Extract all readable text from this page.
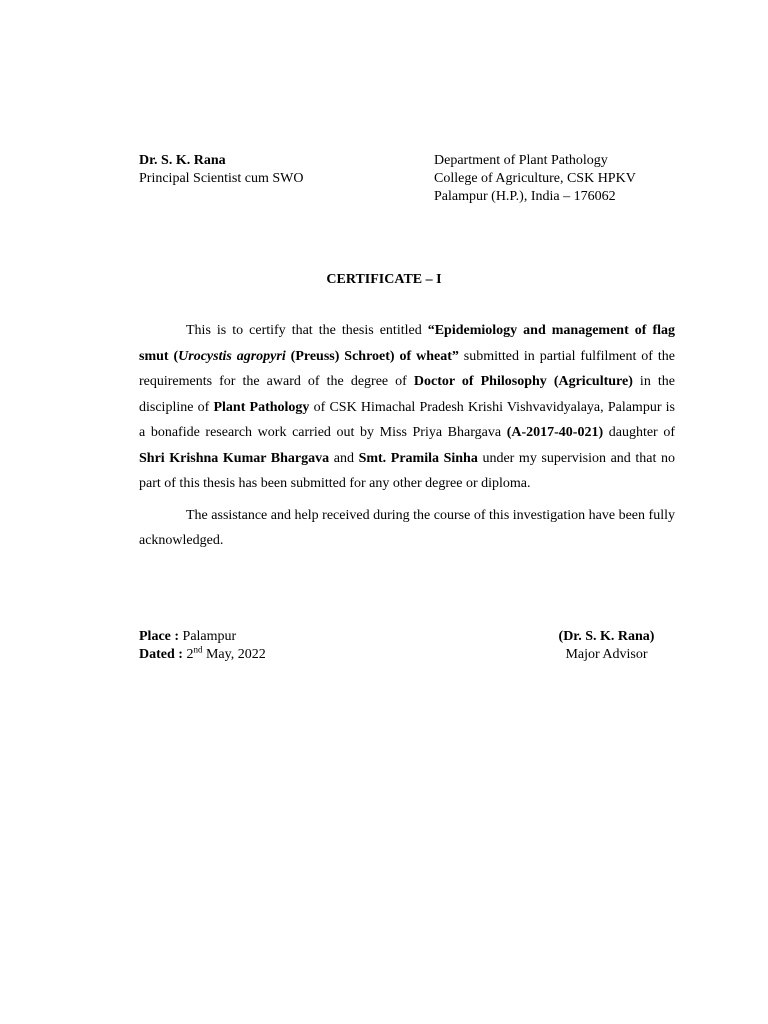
Dr. S. K. Rana
Principal Scientist cum SWO
Department of Plant Pathology
College of Agriculture, CSK HPKV
Palampur (H.P.), India – 176062
CERTIFICATE – I

This is to certify that the thesis entitled “Epidemiology and management of flag smut (Urocystis agropyri (Preuss) Schroet) of wheat” submitted in partial fulfilment of the requirements for the award of the degree of Doctor of Philosophy (Agriculture) in the discipline of Plant Pathology of CSK Himachal Pradesh Krishi Vishvavidyalaya, Palampur is a bonafide research work carried out by Miss Priya Bhargava (A-2017-40-021) daughter of Shri Krishna Kumar Bhargava and Smt. Pramila Sinha under my supervision and that no part of this thesis has been submitted for any other degree or diploma.

The assistance and help received during the course of this investigation have been fully acknowledged.

Place : Palampur
Dated : 2nd May, 2022
(Dr. S. K. Rana)
Major Advisor
